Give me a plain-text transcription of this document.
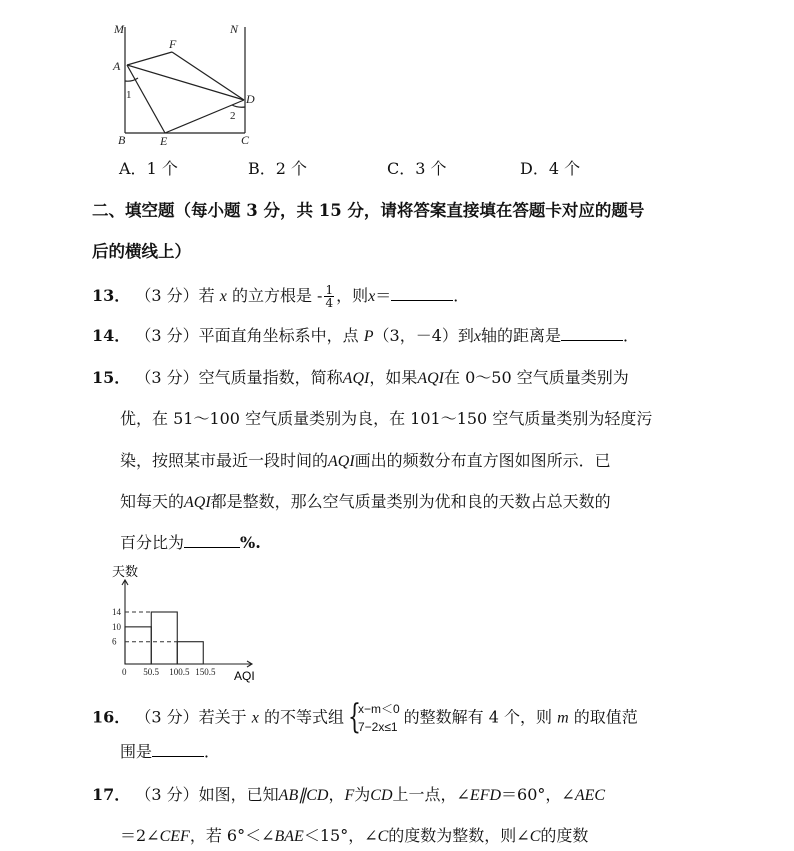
M	N
F
A
D
B	E	C
1
2
A．1 个	B．2 个	C．3 个	D．4 个
二、填空题（每小题 3 分，共 15 分，请将答案直接填在答题卡对应的题号
后的横线上）
13． （3 分）若 x 的立方根是 - $\frac{1}{4}$ ，则x＝	．
14． （3 分）平面直角坐标系中，点 P（3，－4）到x轴的距离是	．
15． （3 分）空气质量指数，简称AQI，如果AQI在 0～50 空气质量类别为
优，在 51～100 空气质量类别为良，在 101～150 空气质量类别为轻度污
染，按照某市最近一段时间的AQI画出的频数分布直方图如图所示．已
知每天的AQI都是整数，那么空气质量类别为优和良的天数占总天数的
百分比为	%.
6
10
14
0 50.5 100.5 150.5
天数
AQI
16． （3 分）若关于 x 的不等式组 {
x−m＜0
7−2x≤1
的整数解有 4 个，则 m 的取值范
围是	．
17． （3 分）如图，已知AB∥CD，F为CD上一点，∠EFD＝60°，∠AEC
＝2∠CEF，若 6°＜∠BAE＜15°，∠C的度数为整数，则∠C的度数
